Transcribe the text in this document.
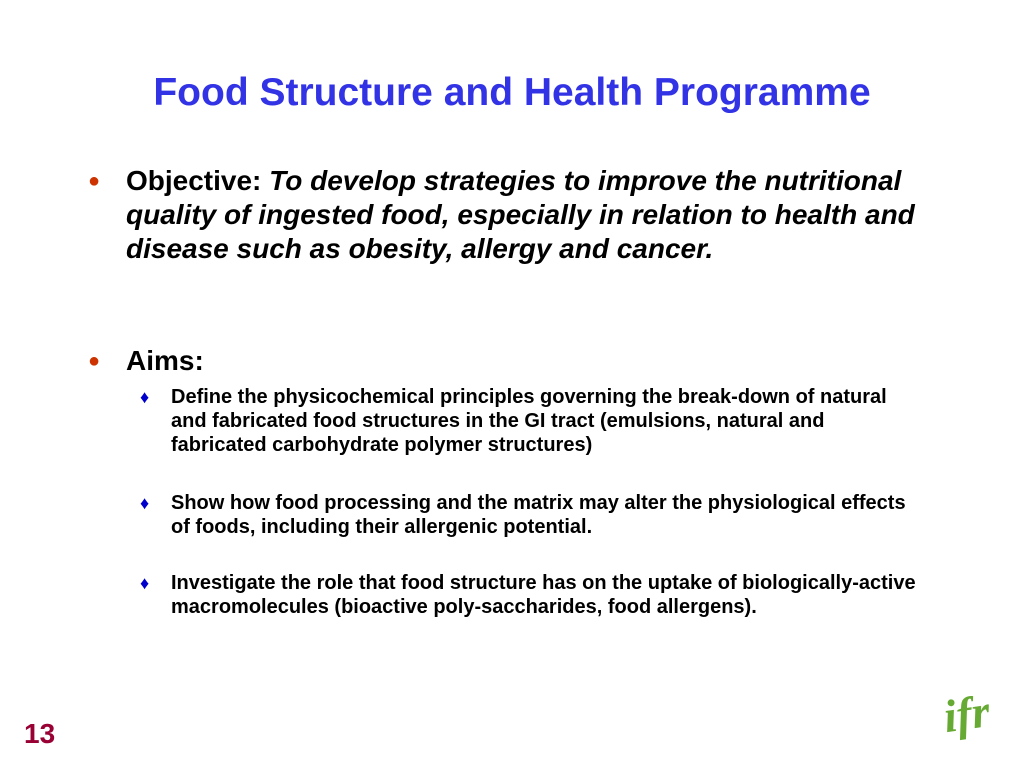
Food Structure and Health Programme
● Objective: To develop strategies to improve the nutritional quality of ingested food, especially in relation to health and disease such as obesity, allergy and cancer.
● Aims:
♦ Define the physicochemical principles governing the break-down of natural and fabricated food structures in the GI tract (emulsions, natural and fabricated carbohydrate polymer structures)
♦ Show how food processing and the matrix may alter the physiological effects of foods, including their allergenic potential.
♦ Investigate the role that food structure has on the uptake of biologically-active macromolecules (bioactive poly-saccharides, food allergens).
13	ifr
